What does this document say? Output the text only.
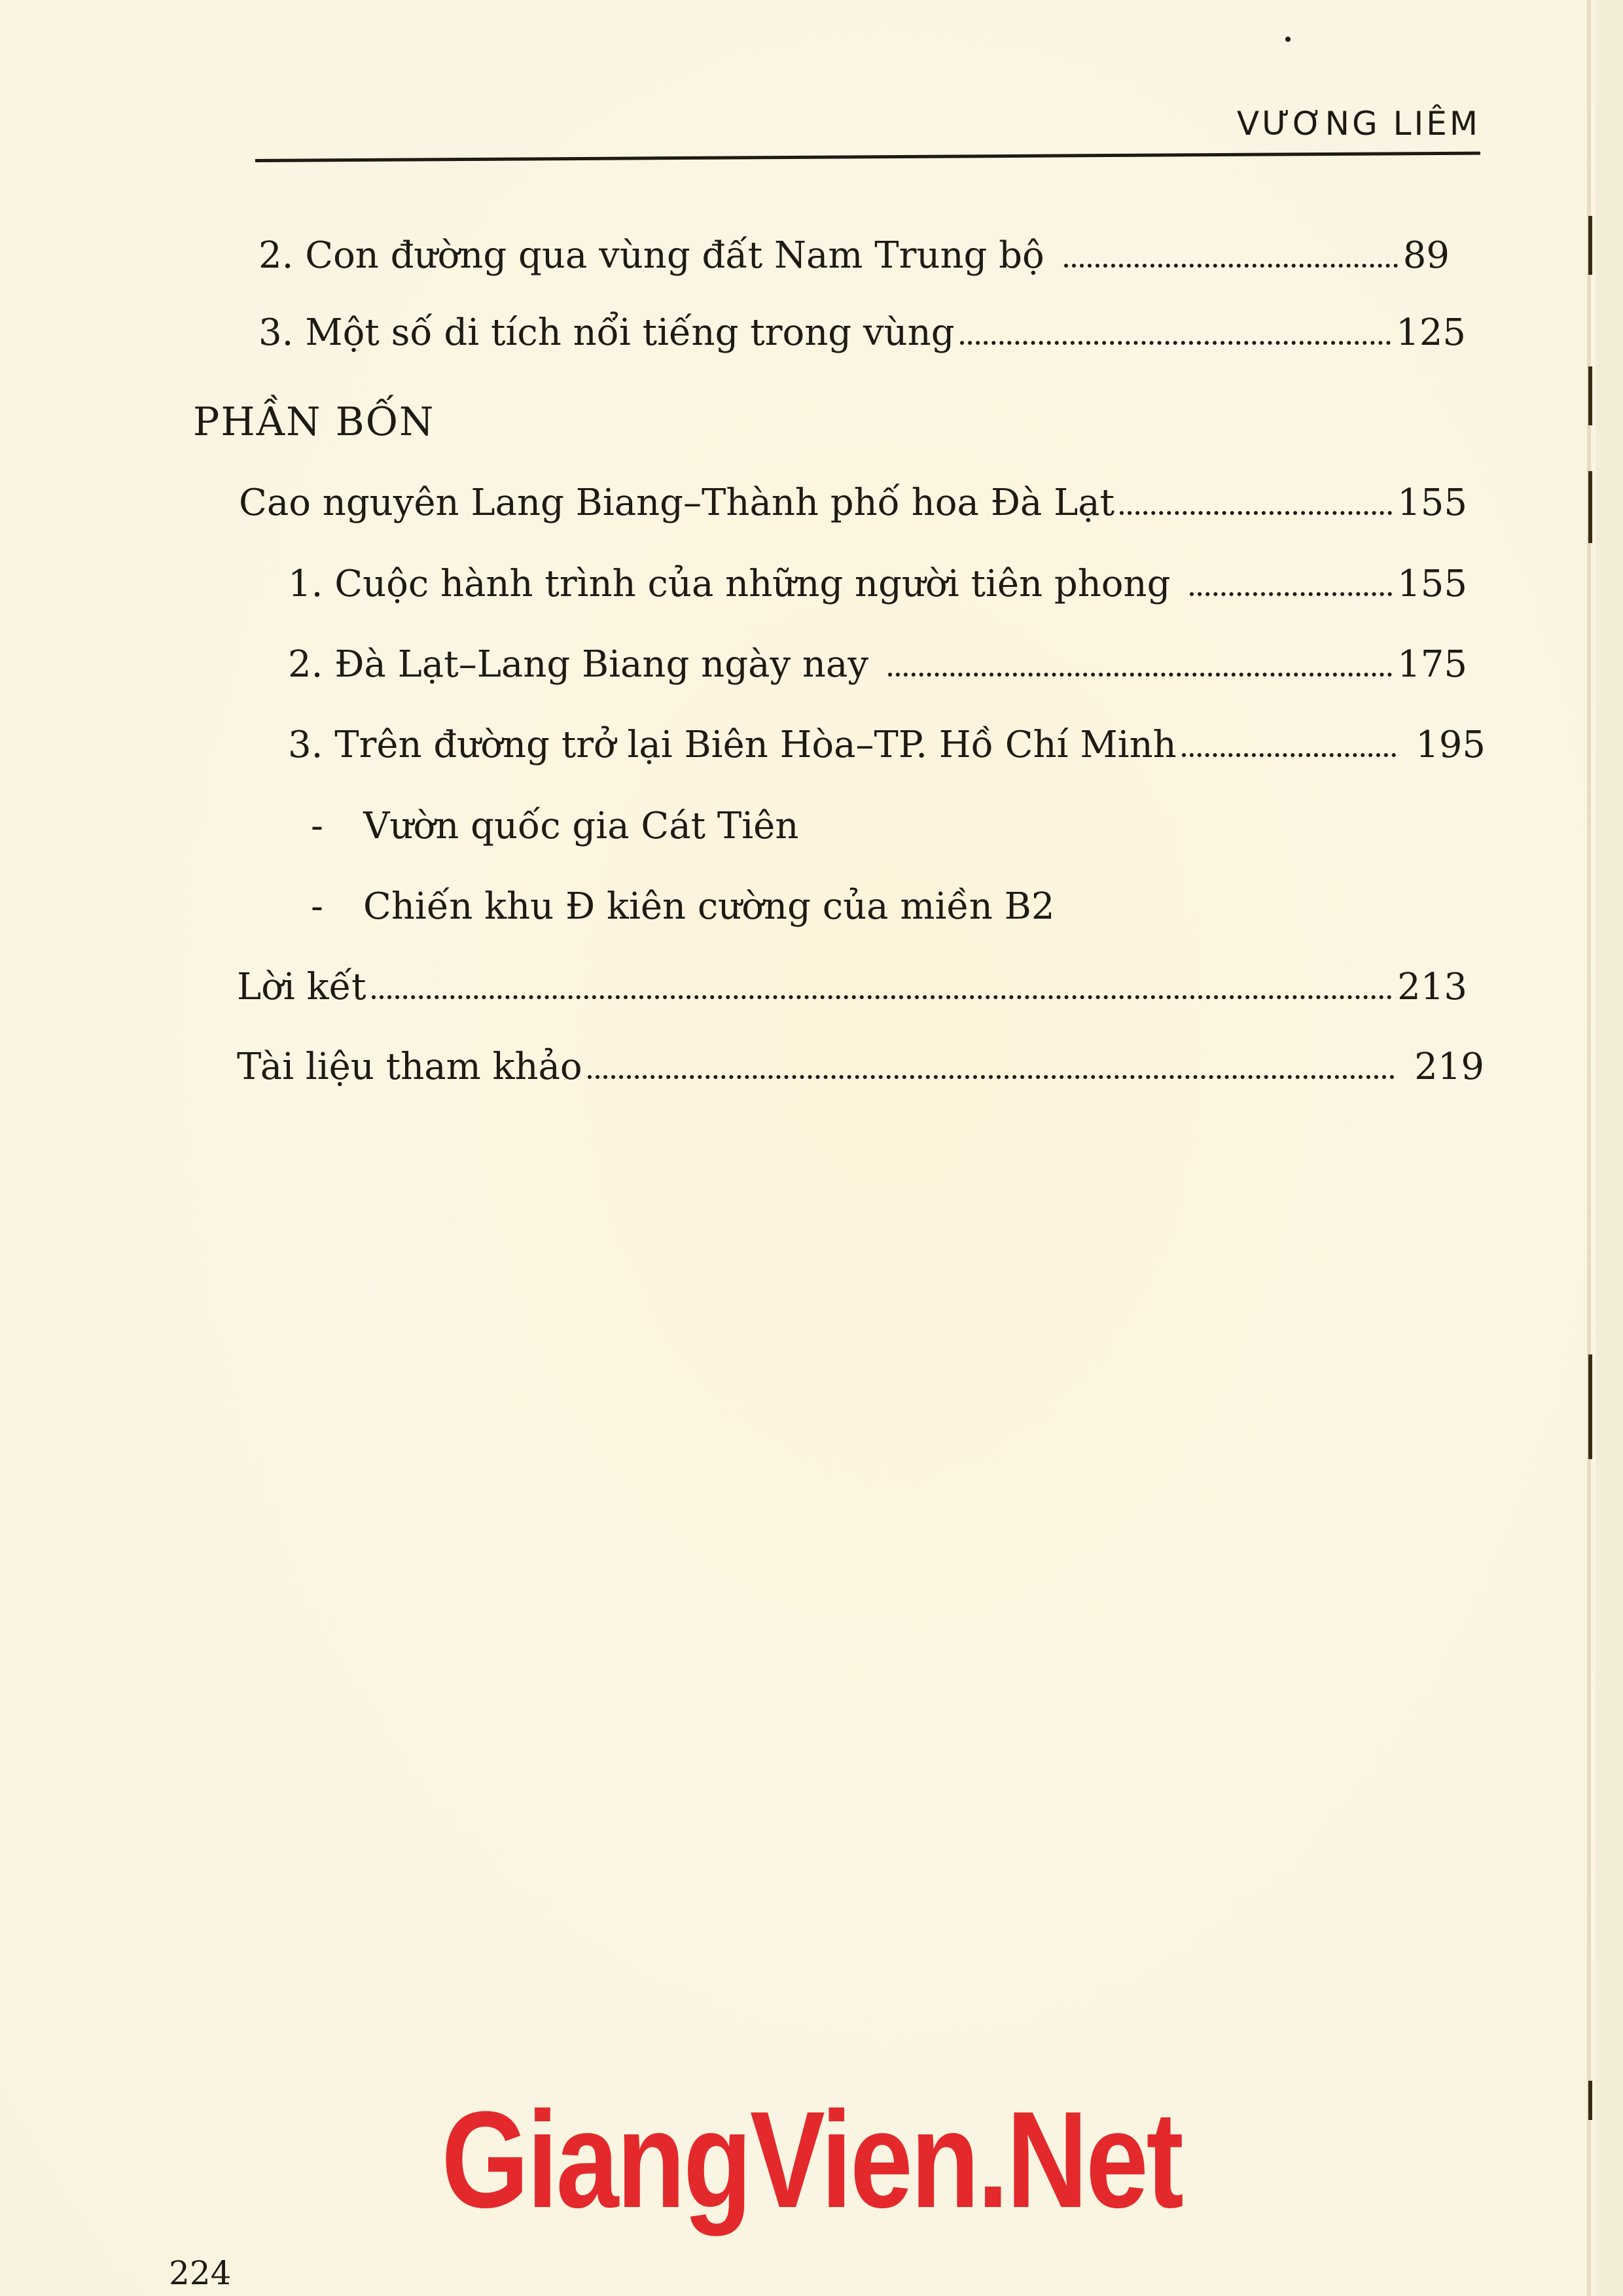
VƯƠNG LIÊM
2. Con đường qua vùng đất Nam Trung bộ	89
3. Một số di tích nổi tiếng trong vùng	125
PHẦN BỐN
Cao nguyên Lang Biang–Thành phố hoa Đà Lạt	155
1. Cuộc hành trình của những người tiên phong	155
2. Đà Lạt–Lang Biang ngày nay	175
3. Trên đường trở lại Biên Hòa–TP. Hồ Chí Minh	195
-	Vườn quốc gia Cát Tiên
-	Chiến khu Đ kiên cường của miền B2
Lời kết	213
Tài liệu tham khảo	219
GiangVien.Net
224
